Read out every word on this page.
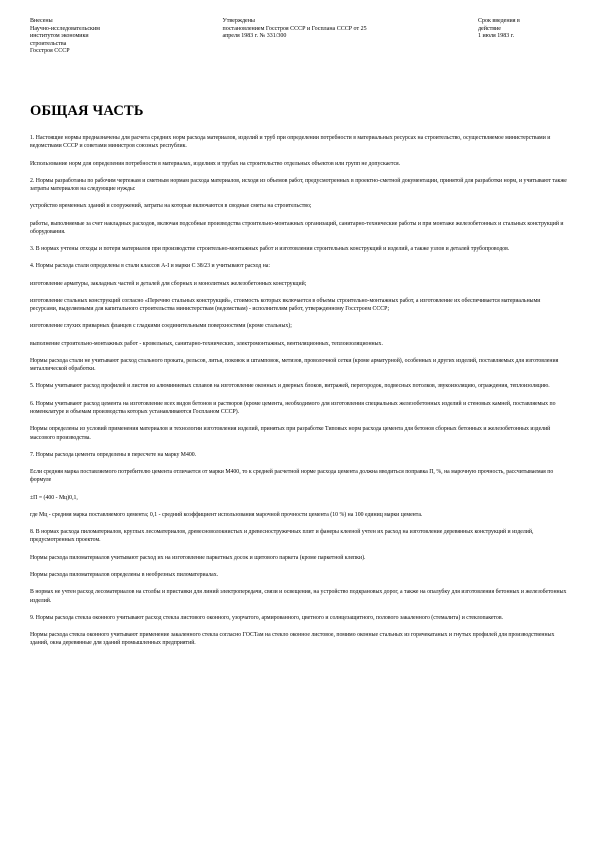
Внесены
Научно-исследовательским
институтом экономики
строительства
Госстроя СССР
Утверждены
постановлением Госстроя СССР и Госплана СССР от 25
апреля 1983 г. № 331/300
Срок введения в
действие
1 июля 1983 г.
ОБЩАЯ ЧАСТЬ

1. Настоящие нормы предназначены для расчета средних норм расхода материалов, изделий и труб при определении потребности в материальных ресурсах на строительство, осуществляемое министерствами и ведомствами СССР и советами министров союзных республик.

Использование норм для определения потребности в материалах, изделиях и трубах на строительство отдельных объектов или групп не допускается.

2. Нормы разработаны по рабочим чертежам и сметным нормам расхода материалов, исходя из объемов работ, предусмотренных в проектно-сметной документации, принятой для разработки норм, и учитывают также затраты материалов на следующие нужды:

устройство временных зданий и сооружений, затраты на которые включаются в сводные сметы на строительство;

работы, выполняемые за счет накладных расходов, включая подсобные производства строительно-монтажных организаций, санитарно-технические работы и при монтаже железобетонных и стальных конструкций и оборудования.

3. В нормах учтены отходы и потери материалов при производстве строительно-монтажных работ и изготовлении строительных конструкций и изделий, а также узлов и деталей трубопроводов.

4. Нормы расхода стали определены в стали классов А-I и марки С 38/23 и учитывают расход на:

изготовление арматуры, закладных частей и деталей для сборных и монолитных железобетонных конструкций;

изготовление стальных конструкций согласно «Перечню стальных конструкций», стоимость которых включается в объемы строительно-монтажных работ, а изготовление их обеспечивается материальными ресурсами, выделяемыми для капитального строительства министерствам (ведомствам) - исполнителям работ, утвержденному Госстроем СССР;

изготовление глухих приварных фланцев с гладкими соединительными поверхностями (кроме стальных);

выполнение строительно-монтажных работ - кровельных, санитарно-технических, электромонтажных, вентиляционных, теплоизоляционных.

Нормы расхода стали не учитывают расход стального проката, рельсов, литья, поковок и штамповок, метизов, проволочной сетки (кроме арматурной), особенных и других изделий, поставляемых для изготовления металлической обработки.

5. Нормы учитывают расход профилей и листов из алюминиевых сплавов на изготовление оконных и дверных блоков, витражей, перегородок, подвесных потолков, звукоизоляцию, ограждения, теплоизоляцию.

6. Нормы учитывают расход цемента на изготовление всех видов бетонов и растворов (кроме цемента, необходимого для изготовления специальных железобетонных изделий и стеновых камней, поставляемых по номенклатуре и объемам производства которых устанавливаются Госпланом СССР).

Нормы определены из условий применения материалов и технологии изготовления изделий, принятых при разработке Типовых норм расхода цемента для бетонов сборных бетонных и железобетонных изделий массового производства.

7. Нормы расхода цемента определены в пересчете на марку М400.

Если средняя марка поставляемого потребителю цемента отличается от марки М400, то к средней расчетной норме расхода цемента должна вводиться поправка П, %, на марочную прочность, рассчитываемая по формуле

±П = (400 - Мц)0,1,

где Мц - средняя марка поставляемого цемента; 0,1 - средний коэффициент использования марочной прочности цемента (10 %) на 100 единиц марки цемента.

8. В нормах расхода пиломатериалов, круглых лесоматериалов, древесноволокнистых и древесностружечных плит и фанеры клееной учтен их расход на изготовление деревянных конструкций и изделий, предусмотренных проектом.

Нормы расхода пиломатериалов учитывают расход их на изготовление паркетных досок и щитового паркета (кроме паркетной клепки).

Нормы расхода пиломатериалов определены в необрезных пиломатериалах.

В нормах не учтен расход лесоматериалов на столбы и приставки для линий электропередачи, связи и освещения, на устройство подкрановых дорог, а также на опалубку для изготовления бетонных и железобетонных изделий.

9. Нормы расхода стекла оконного учитывают расход стекла листового оконного, узорчатого, армированного, цветного и солнцезащитного, полового закаленного (стемалита) и стеклопакетов.

Нормы расхода стекла оконного учитывают применение закаленного стекла согласно ГОСТам на стекло оконное листовое, помимо оконные стальных из горячекатаных и гнутых профилей для производственных зданий, окна деревянные для зданий промышленных предприятий.
